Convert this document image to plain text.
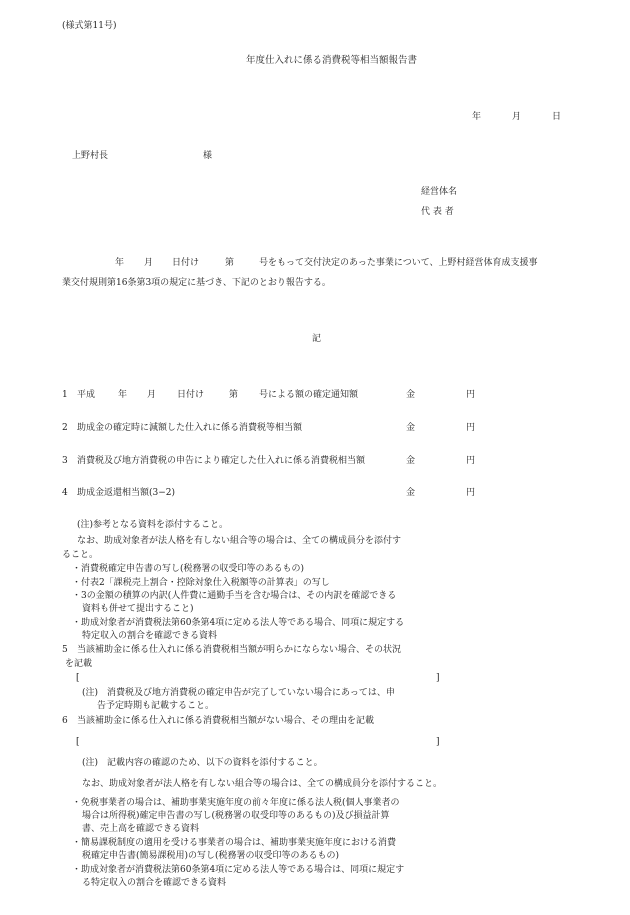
(様式第11号)
年度仕入れに係る消費税等相当額報告書
年	月	日
上野村長	様
経営体名
代 表 者
年 月 日付け	第	号をもって交付決定のあった事業について、上野村経営体育成支援事
業交付規則第16条第3項の規定に基づき、下記のとおり報告する。
記
1 平成	年 月 日付け	第 号による額の確定通知額	金	円
2 助成金の確定時に減額した仕入れに係る消費税等相当額	金	円
3 消費税及び地方消費税の申告により確定した仕入れに係る消費税相当額	金	円
4 助成金返還相当額(3−2)	金	円
(注)参考となる資料を添付すること。
なお、助成対象者が法人格を有しない組合等の場合は、全ての構成員分を添付す
ること。
・消費税確定申告書の写し(税務署の収受印等のあるもの)
・付表2「課税売上割合・控除対象仕入税額等の計算表」の写し
・3の金額の積算の内訳(人件費に通勤手当を含む場合は、その内訳を確認できる
資料も併せて提出すること)
・助成対象者が消費税法第60条第4項に定める法人等である場合、同項に規定する
特定収入の割合を確認できる資料
5 当該補助金に係る仕入れに係る消費税相当額が明らかにならない場合、その状況
を記載
[	]
(注)　消費税及び地方消費税の確定申告が完了していない場合にあっては、申
告予定時期も記載すること。
6 当該補助金に係る仕入れに係る消費税相当額がない場合、その理由を記載
[	]
(注)　記載内容の確認のため、以下の資料を添付すること。
なお、助成対象者が法人格を有しない組合等の場合は、全ての構成員分を添付すること。
・免税事業者の場合は、補助事業実施年度の前々年度に係る法人税(個人事業者の
場合は所得税)確定申告書の写し(税務署の収受印等のあるもの)及び損益計算
書、売上高を確認できる資料
・簡易課税制度の適用を受ける事業者の場合は、補助事業実施年度における消費
税確定申告書(簡易課税用)の写し(税務署の収受印等のあるもの)
・助成対象者が消費税法第60条第4項に定める法人等である場合は、同項に規定す
る特定収入の割合を確認できる資料
